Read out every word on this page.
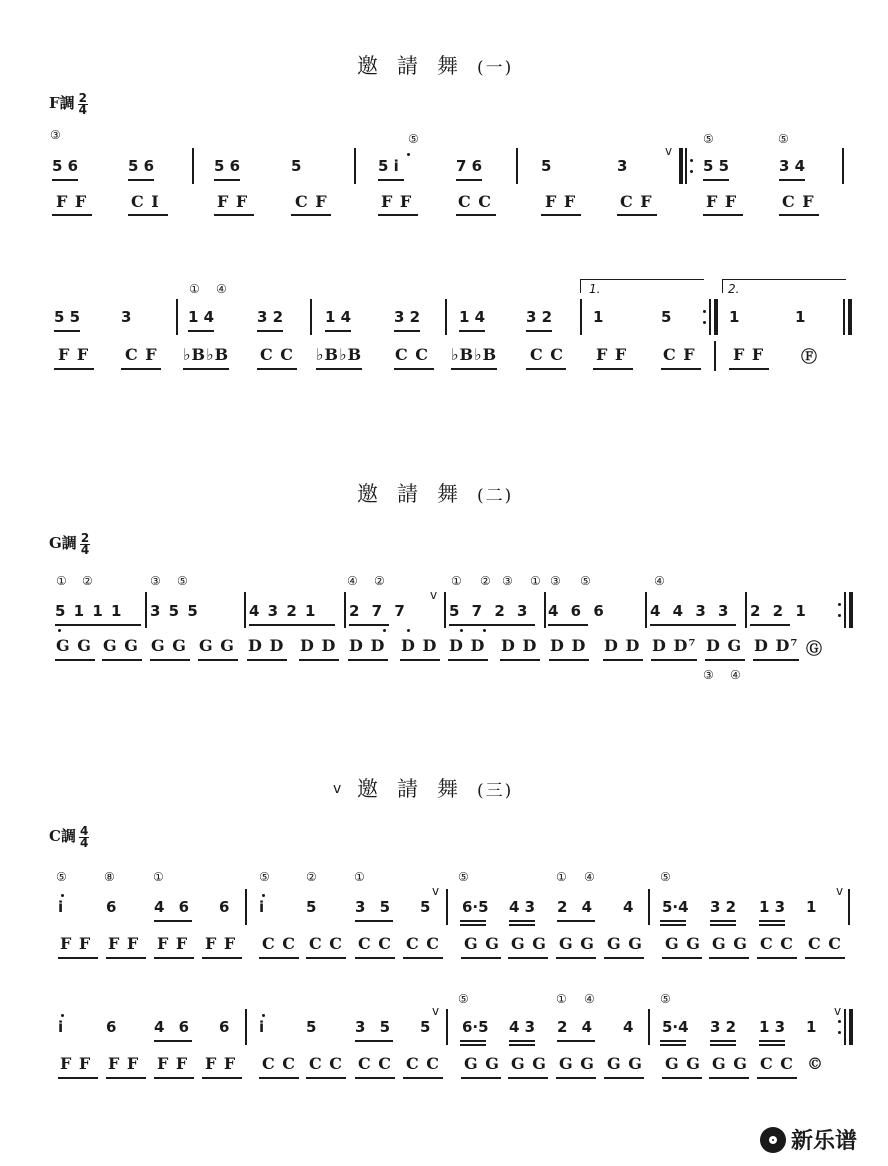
邀請舞(一)
F調 $\frac{2}{4}$
③	⑤	⑤	⑤
5 6	5 6	5 6	5	5 i	7 6	5	3	5 5	3 4
v
F F	C I	F F	C F	F F	C C	F F	C F	F F	C F
① ④	1.	2.
5 5	3	1 4	3 2	1 4	3 2	1 4	3 2	1	5	1	1
F F C F ♭B♭B C C ♭B♭B C C ♭B♭B C C F F C F F F Ⓕ
邀請舞(二)
G調 $\frac{2}{4}$
① ②	③ ⑤	④ ②	① ② ③ ① ③ ⑤	④
5 1 1 1 3 5 5	4 3 2 1 2 7 7	5 7 2 3 4 6 6	4 4 3 3 2 2 1
v
G G G G G G G G D D D D D D D D D D D D D D D D D D⁷ D G D D⁷ Ⓖ
③ ④
v 邀請舞(三)
C調 $\frac{4}{4}$
⑤	⑧	①	⑤	②	①	⑤	① ④	⑤
i	6	4 6 6 i	5	3 5 5 6·5 4 3 2 4 4 5·4 3 2 1 3 1
v	v
F F F F F F F F C C C C C C C C G G G G G G G G G G G G C C C C
⑤	① ④	⑤
i	6	4 6 6 i	5	3 5 5 6·5 4 3 2 4 4 5·4 3 2 1 3 1
v	v
F F F F F F F F C C C C C C C C G G G G G G G G G G G G C C ©
新乐谱
